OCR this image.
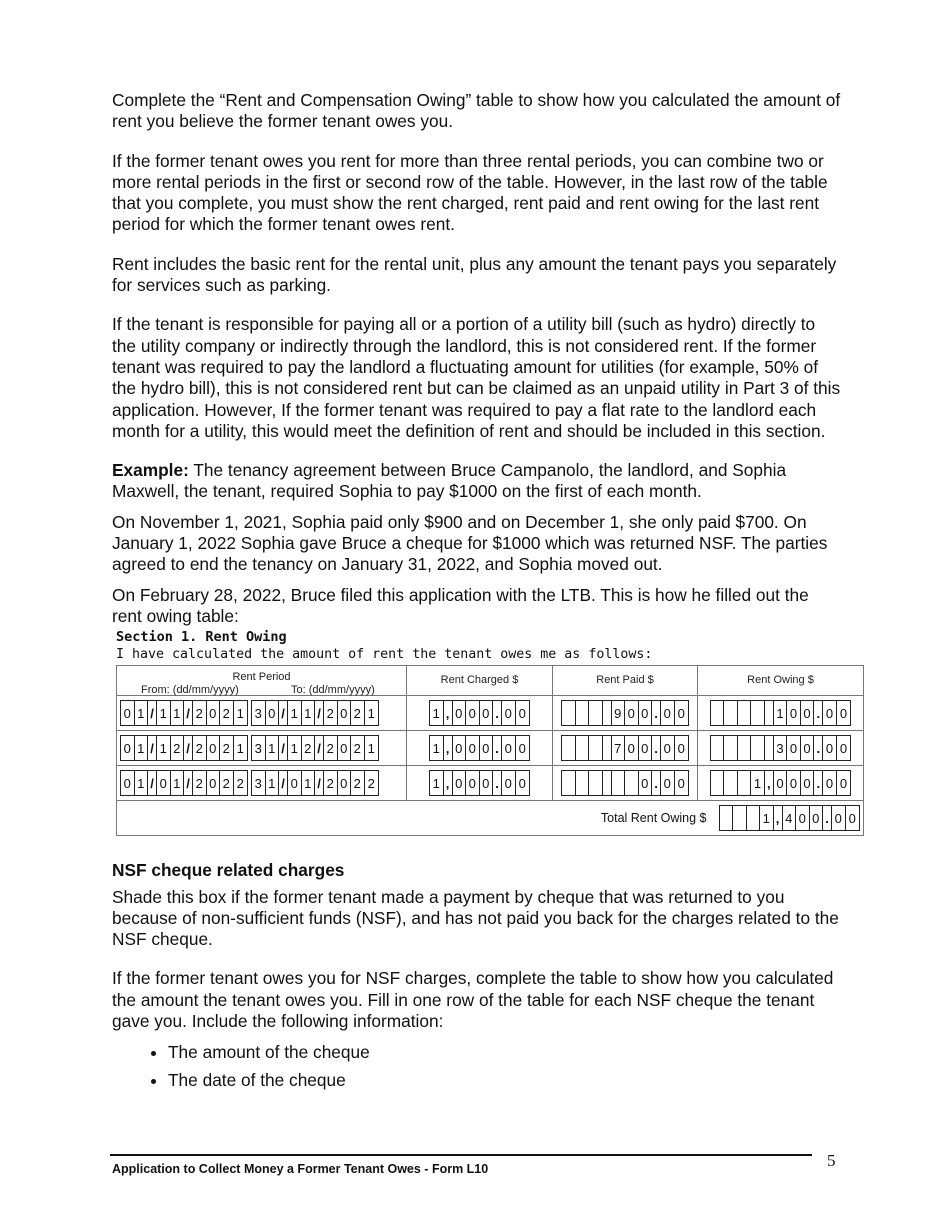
Complete the “Rent and Compensation Owing” table to show how you calculated the amount of rent you believe the former tenant owes you.

If the former tenant owes you rent for more than three rental periods, you can combine two or more rental periods in the first or second row of the table. However, in the last row of the table that you complete, you must show the rent charged, rent paid and rent owing for the last rent period for which the former tenant owes rent.

Rent includes the basic rent for the rental unit, plus any amount the tenant pays you separately for services such as parking.

If the tenant is responsible for paying all or a portion of a utility bill (such as hydro) directly to the utility company or indirectly through the landlord, this is not considered rent. If the former tenant was required to pay the landlord a fluctuating amount for utilities (for example, 50% of the hydro bill), this is not considered rent but can be claimed as an unpaid utility in Part 3 of this application. However, If the former tenant was required to pay a flat rate to the landlord each month for a utility, this would meet the definition of rent and should be included in this section.

Example: The tenancy agreement between Bruce Campanolo, the landlord, and Sophia Maxwell, the tenant, required Sophia to pay $1000 on the first of each month.

On November 1, 2021, Sophia paid only $900 and on December 1, she only paid $700. On January 1, 2022 Sophia gave Bruce a cheque for $1000 which was returned NSF. The parties agreed to end the tenancy on January 31, 2022, and Sophia moved out.

On February 28, 2022, Bruce filed this application with the LTB. This is how he filled out the rent owing table:

Section 1. Rent Owing
I have calculated the amount of rent the tenant owes me as follows:
Rent Period
From: (dd/mm/yyyy)	To: (dd/mm/yyyy)
Rent Charged $	Rent Paid $	Rent Owing $
0 1 / 1 1 / 2 0 2 1 3 0 / 1 1 / 2 0 2 1	1 , 0 0 0 . 0 0	9 0 0 . 0 0	1 0 0 . 0 0
0 1 / 1 2 / 2 0 2 1 3 1 / 1 2 / 2 0 2 1	1 , 0 0 0 . 0 0	7 0 0 . 0 0	3 0 0 . 0 0
0 1 / 0 1 / 2 0 2 2 3 1 / 0 1 / 2 0 2 2	1 , 0 0 0 . 0 0	0 . 0 0	1 , 0 0 0 . 0 0
Total Rent Owing $	1 , 4 0 0 . 0 0
NSF cheque related charges

Shade this box if the former tenant made a payment by cheque that was returned to you because of non-sufficient funds (NSF), and has not paid you back for the charges related to the NSF cheque.

If the former tenant owes you for NSF charges, complete the table to show how you calculated the amount the tenant owes you. Fill in one row of the table for each NSF cheque the tenant gave you. Include the following information:

• The amount of the cheque
• The date of the cheque
Application to Collect Money a Former Tenant Owes - Form L10	5
